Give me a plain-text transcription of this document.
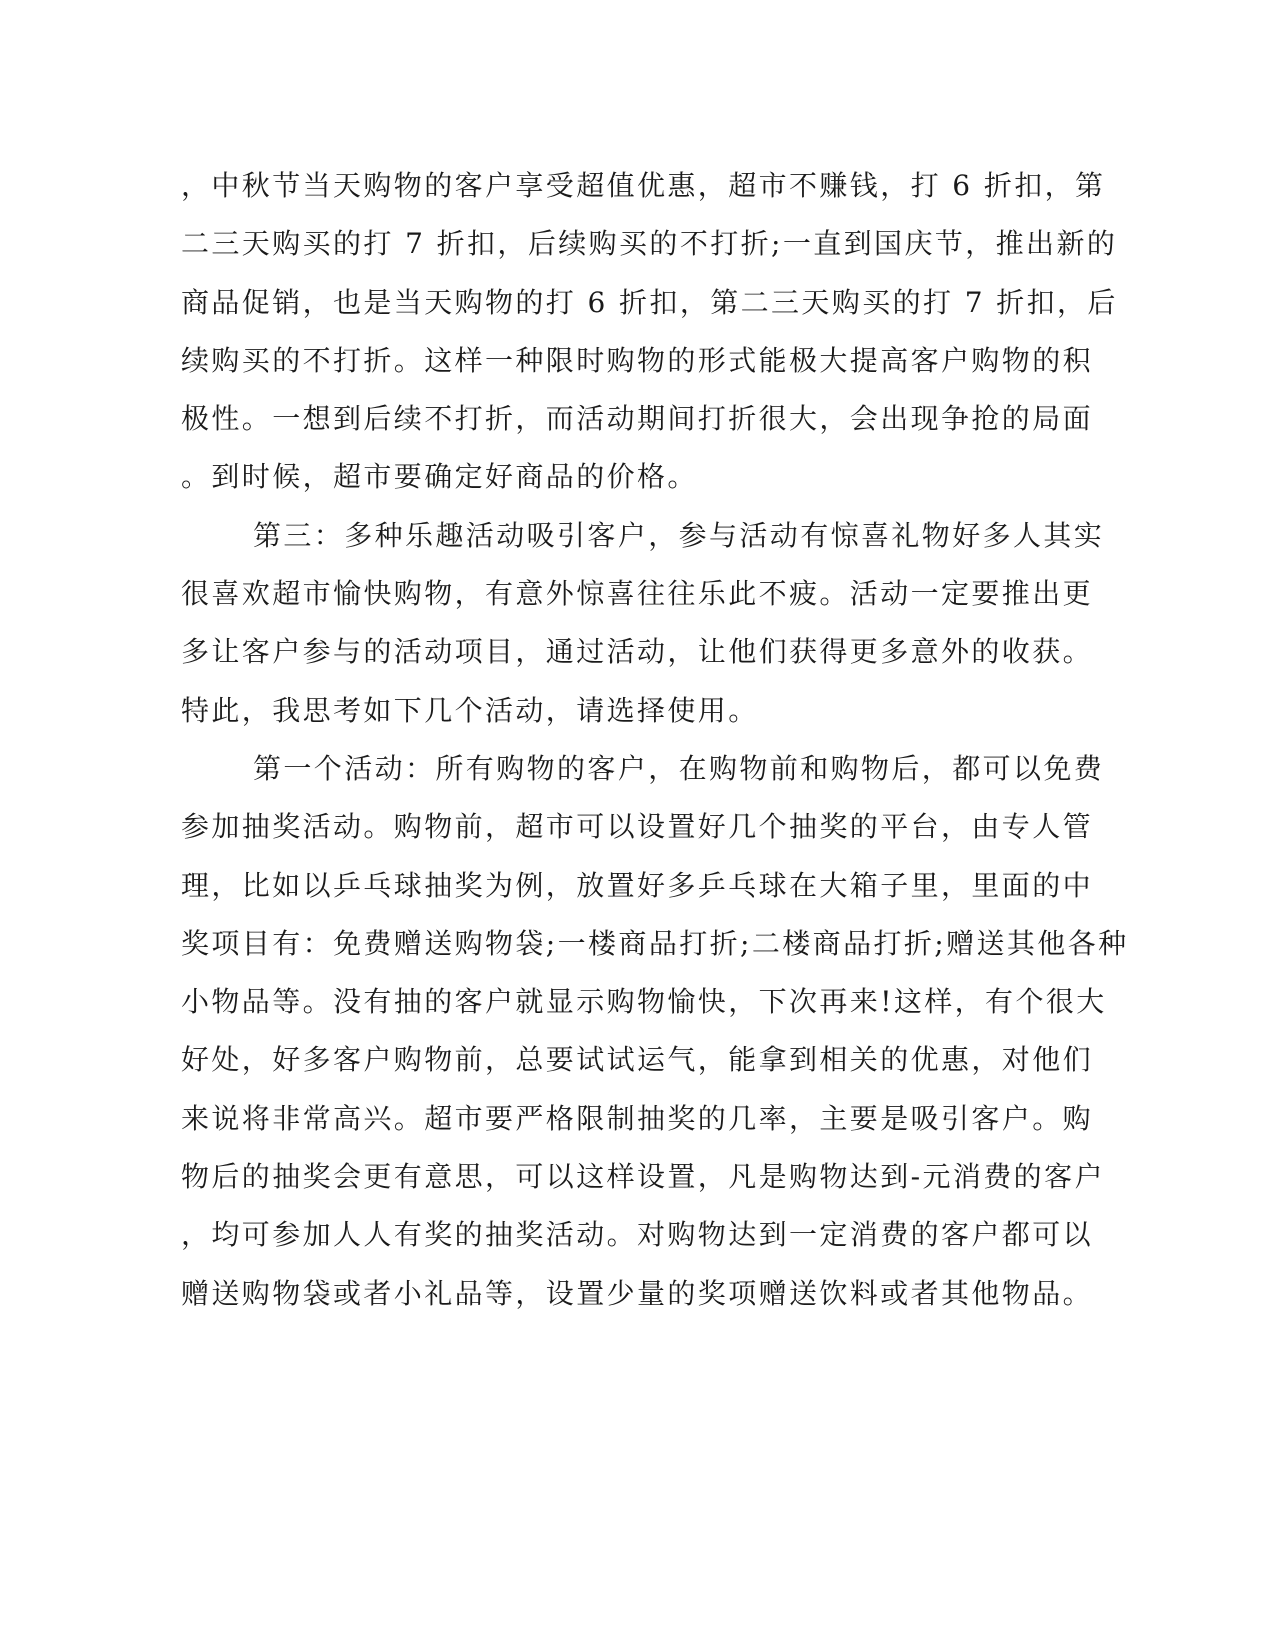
，中秋节当天购物的客户享受超值优惠，超市不赚钱，打 6 折扣，第
二三天购买的打 7 折扣，后续购买的不打折;一直到国庆节，推出新的
商品促销，也是当天购物的打 6 折扣，第二三天购买的打 7 折扣，后
续购买的不打折。这样一种限时购物的形式能极大提高客户购物的积
极性。一想到后续不打折，而活动期间打折很大，会出现争抢的局面
。到时候，超市要确定好商品的价格。
第三：多种乐趣活动吸引客户，参与活动有惊喜礼物好多人其实
很喜欢超市愉快购物，有意外惊喜往往乐此不疲。活动一定要推出更
多让客户参与的活动项目，通过活动，让他们获得更多意外的收获。
特此，我思考如下几个活动，请选择使用。
第一个活动：所有购物的客户，在购物前和购物后，都可以免费
参加抽奖活动。购物前，超市可以设置好几个抽奖的平台，由专人管
理，比如以乒乓球抽奖为例，放置好多乒乓球在大箱子里，里面的中
奖项目有：免费赠送购物袋;一楼商品打折;二楼商品打折;赠送其他各种
小物品等。没有抽的客户就显示购物愉快，下次再来!这样，有个很大
好处，好多客户购物前，总要试试运气，能拿到相关的优惠，对他们
来说将非常高兴。超市要严格限制抽奖的几率，主要是吸引客户。购
物后的抽奖会更有意思，可以这样设置，凡是购物达到-元消费的客户
，均可参加人人有奖的抽奖活动。对购物达到一定消费的客户都可以
赠送购物袋或者小礼品等，设置少量的奖项赠送饮料或者其他物品。
